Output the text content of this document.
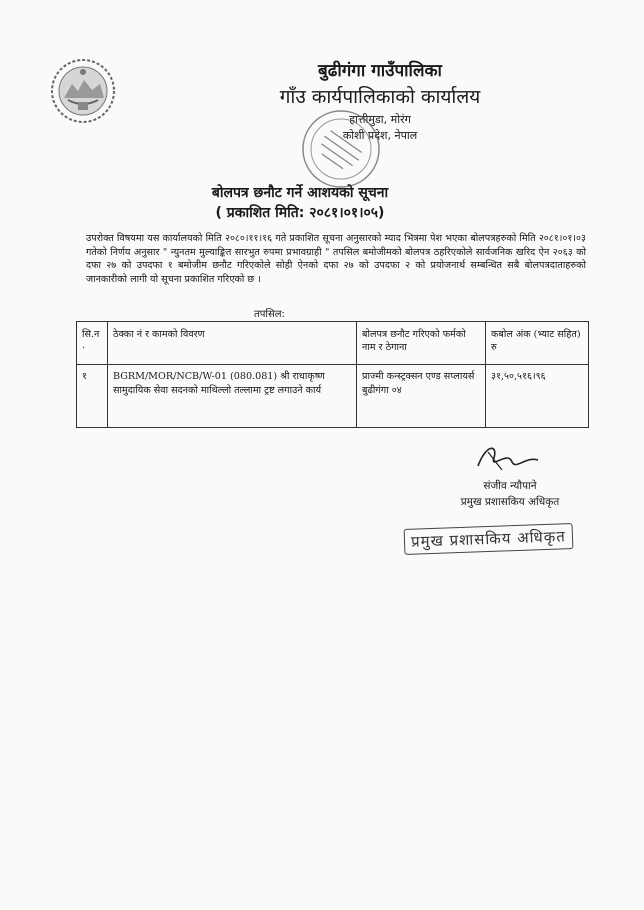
बुढीगंगा गाउँपालिका

गाँउ कार्यपालिकाको कार्यालय

हात्तीमुडा, मोरंग

कोशी प्रदेश, नेपाल

बोलपत्र छनौट गर्ने आशयको सूचना
( प्रकाशित मिति: २०८१।०१।०५)
उपरोक्त विषयमा यस कार्यालयको मिति २०८०।११।१६ गते प्रकाशित सूचना अनुसारको म्याद भित्रमा पेश भएका बोलपत्रहरुको मिति २०८१।०१।०३ गतेको निर्णय अनुसार " न्युनतम मुल्याङ्कित सारभुत रुपमा प्रभावग्राही " तपसिल बमोजीमको बोलपत्र ठहरिएकोले सार्वजनिक खरिद ऐन २०६३ को दफा २७ को उपदफा १ बमोजीम छनौट गरिएकोले सोही ऐनको दफा २७ को उपदफा २ को प्रयोजनार्थ सम्बन्धित सबै बोलपत्रदाताहरुको जानकारीको लागी यो सूचना प्रकाशित गरिएको छ ।
तपसिल:
सि.न .	ठेक्का नं र कामको विवरण	बोलपत्र छनौट गरिएको फर्मको नाम र ठेगाना	कबोल अंक (भ्याट सहित) रु
१	BGRM/MOR/NCB/W-01 (080.081) श्री राधाकृष्ण सामुदायिक सेवा सदनको माथिल्लो तल्लामा ट्रष्ट लगाउने कार्य	प्राज्मी कन्स्ट्रक्सन एण्ड सप्लायर्स बुढीगंगा ०४	३१,५०,५१६।९६
संजीव न्यौपाने
प्रमुख प्रशासकिय अधिकृत
प्रमुख प्रशासकिय अधिकृत
